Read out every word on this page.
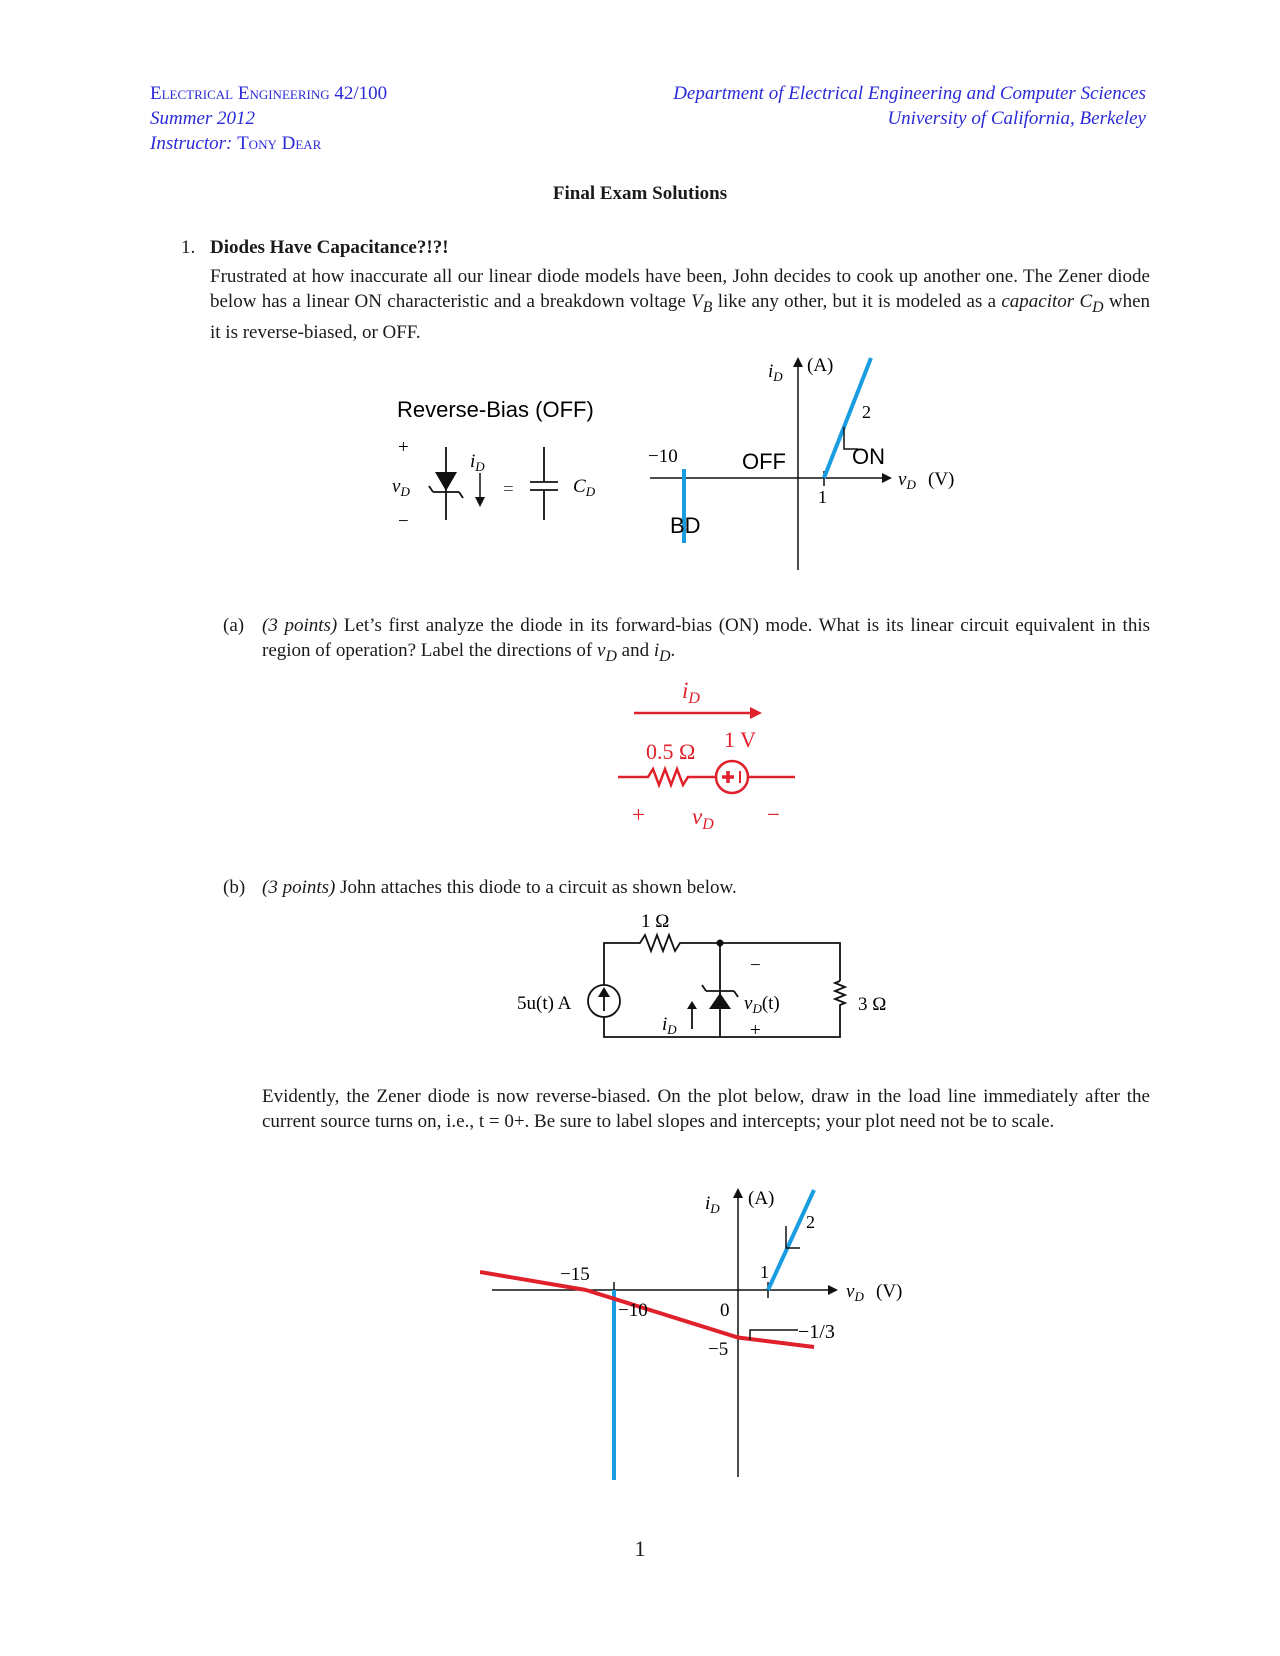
Electrical Engineering 42/100
Summer 2012
Instructor: Tony Dear
Department of Electrical Engineering and Computer Sciences
University of California, Berkeley
Final Exam Solutions
1. Diodes Have Capacitance?!?!
Frustrated at how inaccurate all our linear diode models have been, John decides to cook up another one. The Zener diode below has a linear ON characteristic and a breakdown voltage $V_B$ like any other, but it is modeled as a capacitor $C_D$ when it is reverse-biased, or OFF.
Reverse-Bias (OFF)
+
−
$v_D$
$i_D$
=	$C_D$
$i_D$
(A)
$v_D$ (V)
2
−10
1
OFF	ON
BD
(a) (3 points) Let’s first analyze the diode in its forward-bias (ON) mode. What is its linear circuit equivalent in this region of operation? Label the directions of $v_D$ and $i_D$.
$i_D$
0.5 Ω 1 V
+ $v_D$ −
(b) (3 points) John attaches this diode to a circuit as shown below.
5u(t) A
1 Ω
3 Ω
−
$v_D(t)$
+
$i_D$
Evidently, the Zener diode is now reverse-biased. On the plot below, draw in the load line immediately after the current source turns on, i.e., t = 0+. Be sure to label slopes and intercepts; your plot need not be to scale.
$i_D$ (A)
$v_D$ (V)
−15
−10	0
1
−5
2
−1/3
1
